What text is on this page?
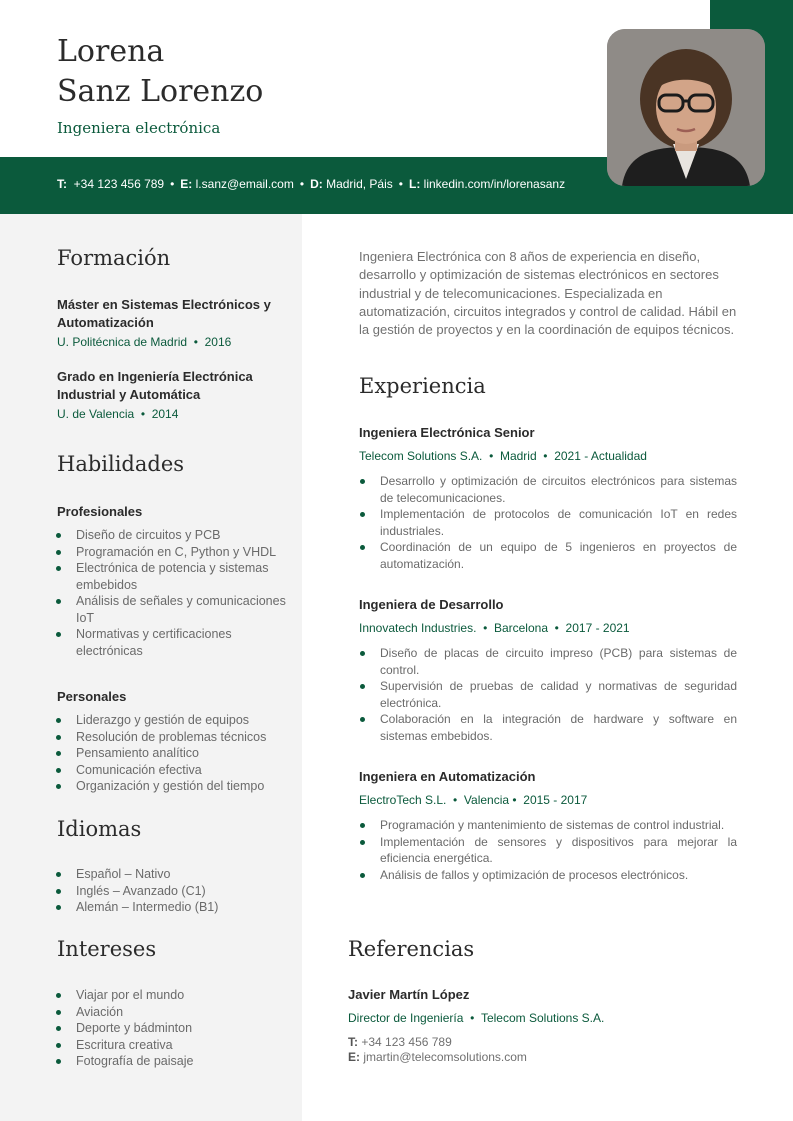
Lorena
Sanz Lorenzo
Ingeniera electrónica
T: +34 123 456 789 • E: l.sanz@email.com • D: Madrid, Páis • L: linkedin.com/in/lorenasanz
Formación
Máster en Sistemas Electrónicos y Automatización
U. Politécnica de Madrid  •  2016
Grado en Ingeniería Electrónica Industrial y Automática
U. de Valencia  •  2014
Habilidades
Profesionales
Diseño de circuitos y PCB
Programación en C, Python y VHDL
Electrónica de potencia y sistemas embebidos
Análisis de señales y comunicaciones IoT
Normativas y certificaciones electrónicas
Personales
Liderazgo y gestión de equipos
Resolución de problemas técnicos
Pensamiento analítico
Comunicación efectiva
Organización y gestión del tiempo
Idiomas
Español – Nativo
Inglés – Avanzado (C1)
Alemán – Intermedio (B1)
Intereses
Viajar por el mundo
Aviación
Deporte y bádminton
Escritura creativa
Fotografía de paisaje
Ingeniera Electrónica con 8 años de experiencia en diseño, desarrollo y optimización de sistemas electrónicos en sectores industrial y de telecomunicaciones. Especializada en automatización, circuitos integrados y control de calidad. Hábil en la gestión de proyectos y en la coordinación de equipos técnicos.
Experiencia
Ingeniera Electrónica Senior
Telecom Solutions S.A.  •  Madrid  •  2021 - Actualidad
Desarrollo y optimización de circuitos electrónicos para sistemas de telecomunicaciones.
Implementación de protocolos de comunicación IoT en redes industriales.
Coordinación de un equipo de 5 ingenieros en proyectos de automatización.
Ingeniera de Desarrollo
Innovatech Industries.  •  Barcelona  •  2017 - 2021
Diseño de placas de circuito impreso (PCB) para sistemas de control.
Supervisión de pruebas de calidad y normativas de seguridad electrónica.
Colaboración en la integración de hardware y software en sistemas embebidos.
Ingeniera en Automatización
ElectroTech S.L.  •  Valencia •  2015 - 2017
Programación y mantenimiento de sistemas de control industrial.
Implementación de sensores y dispositivos para mejorar la eficiencia energética.
Análisis de fallos y optimización de procesos electrónicos.
Referencias
Javier Martín López
Director de Ingeniería  •  Telecom Solutions S.A.
T: +34 123 456 789
E: jmartin@telecomsolutions.com
